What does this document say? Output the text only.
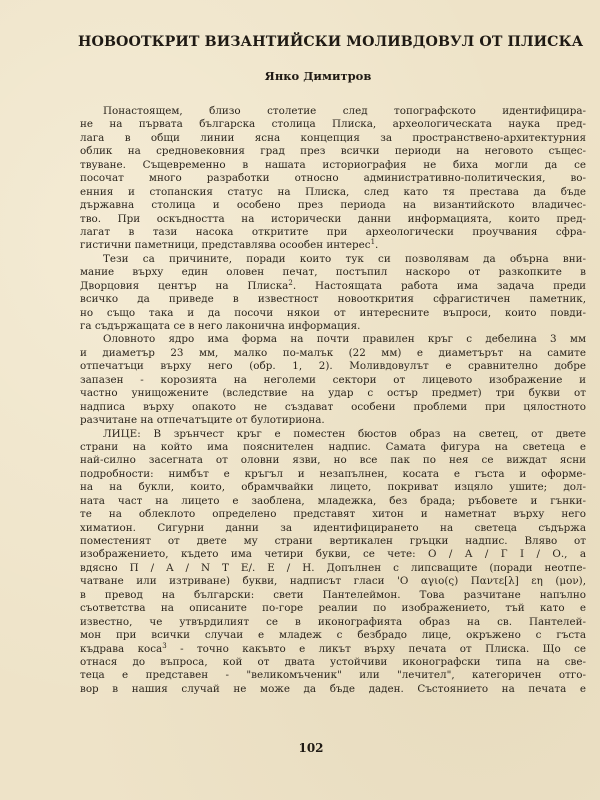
НОВООТКРИТ ВИЗАНТИЙСКИ МОЛИВДОВУЛ ОТ ПЛИСКА
Янко Димитров
Понастоящем, близо столетие след топографското идентифицира-
не на първата българска столица Плиска, археологическата наука пред-
лага в общи линии ясна концепция за пространствено-архитектурния
облик на средновековния град през всички периоди на неговото същес-
твуване. Същевременно в нашата историография не биха могли да се
посочат много разработки относно административно-политическия, во-
енния и стопанския статус на Плиска, след като тя престава да бъде
държавна столица и особено през периода на византийското владичес-
тво. При оскъдността на исторически данни информацията, които пред-
лагат в тази насока откритите при археологически проучвания сфра-
гистични паметници, представлява осообен интерес$^1$.
Тези са причините, поради които тук си позволявам да обърна вни-
мание върху един оловен печат, постъпил наскоро от разкопките в
Дворцовия център на Плиска$^2$. Настоящата работа има задача преди
всичко да приведе в известност новооткрития сфрагистичен паметник,
но също така и да посочи някои от интересните въпроси, които повди-
га съдържащата се в него лаконична информация.
Оловното ядро има форма на почти правилен кръг с дебелина 3 мм
и диаметър 23 мм, малко по-малък (22 мм) е диаметърът на самите
отпечатъци върху него (обр. 1, 2). Моливдовулът е сравнително добре
запазен - корозията на неголеми сектори от лицевото изображение и
частно унищожените (вследствие на удар с остър предмет) три букви от
надписа върху опакото не създават особени проблеми при цялостното
разчитане на отпечатъците от булотириона.
ЛИЦЕ: В зрънчест кръг е поместен бюстов образ на светец, от двете
страни на който има пояснителен надпис. Самата фигура на светеца е
най-силно засегната от оловни язви, но все пак по нея се виждат ясни
подробности: нимбът е кръгъл и незапълнен, косата е гъста и оформе-
на на букли, които, обрамчвайки лицето, покриват изцяло ушите; дол-
ната част на лицето е заоблена, младежка, без брада; ръбовете и гънки-
те на облеклото определено представят хитон и наметнат върху него
химатион. Сигурни данни за идентифицирането на светеца съдържа
поместеният от двете му страни вертикален гръцки надпис. Вляво от
изображението, където има четири букви, се чете: О / А / Г І / О., а
вдясно П / A / N T E/. E / H. Допълнен с липсващите (поради неотпе-
чатване или изтриване) букви, надписът гласи 'О αγιο(ς) Παντε[λ] εη (μον),
в превод на български: свети Пантелеймон. Това разчитане напълно
съответства на описаните по-горе реалии по изображението, тъй като е
известно, че утвърдилият се в иконографията образ на св. Пантелей-
мон при всички случаи е младеж с безбрадо лице, окръжено с гъста
къдрава коса$^3$ - точно какъвто е ликът върху печата от Плиска. Що се
отнася до въпроса, кой от двата устойчиви иконографски типа на све-
теца е представен - "великомъченик" или "лечител", категоричен отго-
вор в нашия случай не може да бъде даден. Състоянието на печата е
102
